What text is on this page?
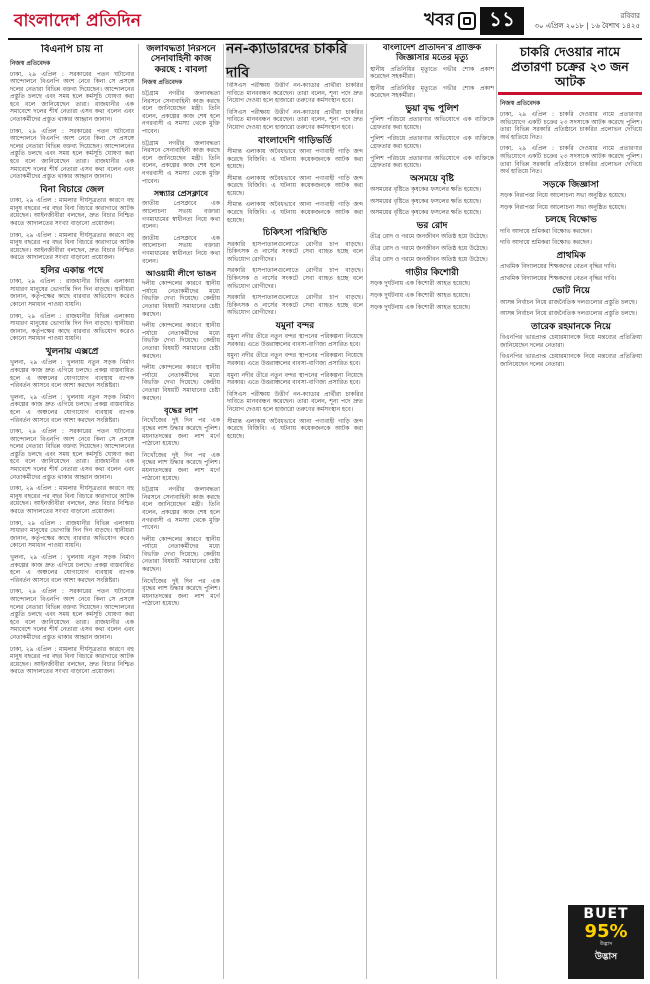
বাংলাদেশ প্রতিদিন	খবর	১১	রবিবার
৩০ এপ্রিল ২০১৮ | ১৬ বৈশাখ ১৪২৫
বিএনপি চায় না
নিজস্ব প্রতিবেদক

ঢাকা, ২৯ এপ্রিল : সরকারের পতন ঘটানোর আন্দোলনে বিএনপি অংশ নেবে কিনা সে প্রসঙ্গে দলের নেতারা বিভিন্ন বক্তব্য দিয়েছেন। আন্দোলনের প্রস্তুতি চলছে এবং সময় হলে কর্মসূচি ঘোষণা করা হবে বলে জানিয়েছেন তারা। রাজধানীর এক সমাবেশে দলের শীর্ষ নেতারা এসব কথা বলেন এবং নেতাকর্মীদের প্রস্তুত থাকার আহ্বান জানান।

ঢাকা, ২৯ এপ্রিল : সরকারের পতন ঘটানোর আন্দোলনে বিএনপি অংশ নেবে কিনা সে প্রসঙ্গে দলের নেতারা বিভিন্ন বক্তব্য দিয়েছেন। আন্দোলনের প্রস্তুতি চলছে এবং সময় হলে কর্মসূচি ঘোষণা করা হবে বলে জানিয়েছেন তারা। রাজধানীর এক সমাবেশে দলের শীর্ষ নেতারা এসব কথা বলেন এবং নেতাকর্মীদের প্রস্তুত থাকার আহ্বান জানান।

বিনা বিচারে জেল

ঢাকা, ২৯ এপ্রিল : মামলার দীর্ঘসূত্রতার কারণে বহু মানুষ বছরের পর বছর বিনা বিচারে কারাগারে আটক রয়েছেন। আইনজীবীরা বলছেন, দ্রুত বিচার নিশ্চিত করতে আদালতের সংখ্যা বাড়ানো প্রয়োজন।

ঢাকা, ২৯ এপ্রিল : মামলার দীর্ঘসূত্রতার কারণে বহু মানুষ বছরের পর বছর বিনা বিচারে কারাগারে আটক রয়েছেন। আইনজীবীরা বলছেন, দ্রুত বিচার নিশ্চিত করতে আদালতের সংখ্যা বাড়ানো প্রয়োজন।

হলির একান্ত পথে

ঢাকা, ২৯ এপ্রিল : রাজধানীর বিভিন্ন এলাকায় সাধারণ মানুষের ভোগান্তি দিন দিন বাড়ছে। স্থানীয়রা জানান, কর্তৃপক্ষের কাছে বারবার অভিযোগ করেও কোনো সমাধান পাওয়া যায়নি।

ঢাকা, ২৯ এপ্রিল : রাজধানীর বিভিন্ন এলাকায় সাধারণ মানুষের ভোগান্তি দিন দিন বাড়ছে। স্থানীয়রা জানান, কর্তৃপক্ষের কাছে বারবার অভিযোগ করেও কোনো সমাধান পাওয়া যায়নি।

খুলনায় এক্সপ্রে

খুলনা, ২৯ এপ্রিল : খুলনায় নতুন সড়ক নির্মাণ প্রকল্পের কাজ দ্রুত এগিয়ে চলছে। প্রকল্প বাস্তবায়িত হলে এ অঞ্চলের যোগাযোগ ব্যবস্থায় ব্যাপক পরিবর্তন আসবে বলে আশা করছেন সংশ্লিষ্টরা।

খুলনা, ২৯ এপ্রিল : খুলনায় নতুন সড়ক নির্মাণ প্রকল্পের কাজ দ্রুত এগিয়ে চলছে। প্রকল্প বাস্তবায়িত হলে এ অঞ্চলের যোগাযোগ ব্যবস্থায় ব্যাপক পরিবর্তন আসবে বলে আশা করছেন সংশ্লিষ্টরা।

ঢাকা, ২৯ এপ্রিল : সরকারের পতন ঘটানোর আন্দোলনে বিএনপি অংশ নেবে কিনা সে প্রসঙ্গে দলের নেতারা বিভিন্ন বক্তব্য দিয়েছেন। আন্দোলনের প্রস্তুতি চলছে এবং সময় হলে কর্মসূচি ঘোষণা করা হবে বলে জানিয়েছেন তারা। রাজধানীর এক সমাবেশে দলের শীর্ষ নেতারা এসব কথা বলেন এবং নেতাকর্মীদের প্রস্তুত থাকার আহ্বান জানান।

ঢাকা, ২৯ এপ্রিল : মামলার দীর্ঘসূত্রতার কারণে বহু মানুষ বছরের পর বছর বিনা বিচারে কারাগারে আটক রয়েছেন। আইনজীবীরা বলছেন, দ্রুত বিচার নিশ্চিত করতে আদালতের সংখ্যা বাড়ানো প্রয়োজন।

ঢাকা, ২৯ এপ্রিল : রাজধানীর বিভিন্ন এলাকায় সাধারণ মানুষের ভোগান্তি দিন দিন বাড়ছে। স্থানীয়রা জানান, কর্তৃপক্ষের কাছে বারবার অভিযোগ করেও কোনো সমাধান পাওয়া যায়নি।

খুলনা, ২৯ এপ্রিল : খুলনায় নতুন সড়ক নির্মাণ প্রকল্পের কাজ দ্রুত এগিয়ে চলছে। প্রকল্প বাস্তবায়িত হলে এ অঞ্চলের যোগাযোগ ব্যবস্থায় ব্যাপক পরিবর্তন আসবে বলে আশা করছেন সংশ্লিষ্টরা।

ঢাকা, ২৯ এপ্রিল : সরকারের পতন ঘটানোর আন্দোলনে বিএনপি অংশ নেবে কিনা সে প্রসঙ্গে দলের নেতারা বিভিন্ন বক্তব্য দিয়েছেন। আন্দোলনের প্রস্তুতি চলছে এবং সময় হলে কর্মসূচি ঘোষণা করা হবে বলে জানিয়েছেন তারা। রাজধানীর এক সমাবেশে দলের শীর্ষ নেতারা এসব কথা বলেন এবং নেতাকর্মীদের প্রস্তুত থাকার আহ্বান জানান।

ঢাকা, ২৯ এপ্রিল : মামলার দীর্ঘসূত্রতার কারণে বহু মানুষ বছরের পর বছর বিনা বিচারে কারাগারে আটক রয়েছেন। আইনজীবীরা বলছেন, দ্রুত বিচার নিশ্চিত করতে আদালতের সংখ্যা বাড়ানো প্রয়োজন।

জলাবদ্ধতা নিরসনে সেনাবাহিনী কাজ করছে : বাবলা
নিজস্ব প্রতিবেদক

চট্টগ্রাম নগরীর জলাবদ্ধতা নিরসনে সেনাবাহিনী কাজ করছে বলে জানিয়েছেন মন্ত্রী। তিনি বলেন, প্রকল্পের কাজ শেষ হলে নগরবাসী এ সমস্যা থেকে মুক্তি পাবেন।

চট্টগ্রাম নগরীর জলাবদ্ধতা নিরসনে সেনাবাহিনী কাজ করছে বলে জানিয়েছেন মন্ত্রী। তিনি বলেন, প্রকল্পের কাজ শেষ হলে নগরবাসী এ সমস্যা থেকে মুক্তি পাবেন।

সন্ধ্যার প্রেসক্লাবে

জাতীয় প্রেসক্লাবে এক আলোচনা সভায় বক্তারা গণমাধ্যমের স্বাধীনতা নিয়ে কথা বলেন।

জাতীয় প্রেসক্লাবে এক আলোচনা সভায় বক্তারা গণমাধ্যমের স্বাধীনতা নিয়ে কথা বলেন।

আওয়ামী লীগে ভাঙন

দলীয় কোন্দলের কারণে স্থানীয় পর্যায়ে নেতাকর্মীদের মধ্যে বিভক্তি দেখা দিয়েছে। কেন্দ্রীয় নেতারা বিষয়টি সমাধানের চেষ্টা করছেন।

দলীয় কোন্দলের কারণে স্থানীয় পর্যায়ে নেতাকর্মীদের মধ্যে বিভক্তি দেখা দিয়েছে। কেন্দ্রীয় নেতারা বিষয়টি সমাধানের চেষ্টা করছেন।

দলীয় কোন্দলের কারণে স্থানীয় পর্যায়ে নেতাকর্মীদের মধ্যে বিভক্তি দেখা দিয়েছে। কেন্দ্রীয় নেতারা বিষয়টি সমাধানের চেষ্টা করছেন।

বৃদ্ধের লাশ

নিখোঁজের দুই দিন পর এক বৃদ্ধের লাশ উদ্ধার করেছে পুলিশ। ময়নাতদন্তের জন্য লাশ মর্গে পাঠানো হয়েছে।

নিখোঁজের দুই দিন পর এক বৃদ্ধের লাশ উদ্ধার করেছে পুলিশ। ময়নাতদন্তের জন্য লাশ মর্গে পাঠানো হয়েছে।

চট্টগ্রাম নগরীর জলাবদ্ধতা নিরসনে সেনাবাহিনী কাজ করছে বলে জানিয়েছেন মন্ত্রী। তিনি বলেন, প্রকল্পের কাজ শেষ হলে নগরবাসী এ সমস্যা থেকে মুক্তি পাবেন।

দলীয় কোন্দলের কারণে স্থানীয় পর্যায়ে নেতাকর্মীদের মধ্যে বিভক্তি দেখা দিয়েছে। কেন্দ্রীয় নেতারা বিষয়টি সমাধানের চেষ্টা করছেন।

নিখোঁজের দুই দিন পর এক বৃদ্ধের লাশ উদ্ধার করেছে পুলিশ। ময়নাতদন্তের জন্য লাশ মর্গে পাঠানো হয়েছে।

নন-ক্যাডারদের চাকরি দাবি

বিসিএস পরীক্ষায় উত্তীর্ণ নন-ক্যাডার প্রার্থীরা চাকরির দাবিতে মানববন্ধন করেছেন। তারা বলেন, শূন্য পদে দ্রুত নিয়োগ দেওয়া হলে হাজারো তরুণের কর্মসংস্থান হবে।

বিসিএস পরীক্ষায় উত্তীর্ণ নন-ক্যাডার প্রার্থীরা চাকরির দাবিতে মানববন্ধন করেছেন। তারা বলেন, শূন্য পদে দ্রুত নিয়োগ দেওয়া হলে হাজারো তরুণের কর্মসংস্থান হবে।

বাংলাদেশি গাড়িভর্তি

সীমান্ত এলাকায় অবৈধভাবে আনা পণ্যবাহী গাড়ি জব্দ করেছে বিজিবি। এ ঘটনায় কয়েকজনকে আটক করা হয়েছে।

সীমান্ত এলাকায় অবৈধভাবে আনা পণ্যবাহী গাড়ি জব্দ করেছে বিজিবি। এ ঘটনায় কয়েকজনকে আটক করা হয়েছে।

সীমান্ত এলাকায় অবৈধভাবে আনা পণ্যবাহী গাড়ি জব্দ করেছে বিজিবি। এ ঘটনায় কয়েকজনকে আটক করা হয়েছে।

চিকিৎসা পরিস্থিতি

সরকারি হাসপাতালগুলোতে রোগীর চাপ বাড়ছে। চিকিৎসক ও নার্সের সংকটে সেবা ব্যাহত হচ্ছে বলে অভিযোগ রোগীদের।

সরকারি হাসপাতালগুলোতে রোগীর চাপ বাড়ছে। চিকিৎসক ও নার্সের সংকটে সেবা ব্যাহত হচ্ছে বলে অভিযোগ রোগীদের।

সরকারি হাসপাতালগুলোতে রোগীর চাপ বাড়ছে। চিকিৎসক ও নার্সের সংকটে সেবা ব্যাহত হচ্ছে বলে অভিযোগ রোগীদের।

যমুনা বন্দর

যমুনা নদীর তীরে নতুন বন্দর স্থাপনের পরিকল্পনা নিয়েছে সরকার। এতে উত্তরাঞ্চলের ব্যবসা-বাণিজ্য প্রসারিত হবে।

যমুনা নদীর তীরে নতুন বন্দর স্থাপনের পরিকল্পনা নিয়েছে সরকার। এতে উত্তরাঞ্চলের ব্যবসা-বাণিজ্য প্রসারিত হবে।

যমুনা নদীর তীরে নতুন বন্দর স্থাপনের পরিকল্পনা নিয়েছে সরকার। এতে উত্তরাঞ্চলের ব্যবসা-বাণিজ্য প্রসারিত হবে।

বিসিএস পরীক্ষায় উত্তীর্ণ নন-ক্যাডার প্রার্থীরা চাকরির দাবিতে মানববন্ধন করেছেন। তারা বলেন, শূন্য পদে দ্রুত নিয়োগ দেওয়া হলে হাজারো তরুণের কর্মসংস্থান হবে।

সীমান্ত এলাকায় অবৈধভাবে আনা পণ্যবাহী গাড়ি জব্দ করেছে বিজিবি। এ ঘটনায় কয়েকজনকে আটক করা হয়েছে।

বাংলাদেশ প্রতিদিন'র প্রাক্তিক জিজ্ঞাসার মতের মৃত্যু

স্থানীয় প্রতিনিধির মৃত্যুতে গভীর শোক প্রকাশ করেছেন সহকর্মীরা।

স্থানীয় প্রতিনিধির মৃত্যুতে গভীর শোক প্রকাশ করেছেন সহকর্মীরা।

ভুয়া বৃদ্ধ পুলিশ

পুলিশ পরিচয়ে প্রতারণার অভিযোগে এক ব্যক্তিকে গ্রেফতার করা হয়েছে।

পুলিশ পরিচয়ে প্রতারণার অভিযোগে এক ব্যক্তিকে গ্রেফতার করা হয়েছে।

পুলিশ পরিচয়ে প্রতারণার অভিযোগে এক ব্যক্তিকে গ্রেফতার করা হয়েছে।

অসময়ে বৃষ্টি

অসময়ের বৃষ্টিতে কৃষকের ফসলের ক্ষতি হয়েছে।

অসময়ের বৃষ্টিতে কৃষকের ফসলের ক্ষতি হয়েছে।

অসময়ের বৃষ্টিতে কৃষকের ফসলের ক্ষতি হয়েছে।

ভর রোদ

তীব্র রোদ ও গরমে জনজীবন অতিষ্ঠ হয়ে উঠেছে।

তীব্র রোদ ও গরমে জনজীবন অতিষ্ঠ হয়ে উঠেছে।

তীব্র রোদ ও গরমে জনজীবন অতিষ্ঠ হয়ে উঠেছে।

গাড়ীর কিশোরী

সড়ক দুর্ঘটনায় এক কিশোরী আহত হয়েছে।

সড়ক দুর্ঘটনায় এক কিশোরী আহত হয়েছে।

সড়ক দুর্ঘটনায় এক কিশোরী আহত হয়েছে।

চাকরি দেওয়ার নামে প্রতারণা চক্রের ২৩ জন আটক
নিজস্ব প্রতিবেদক

ঢাকা, ২৯ এপ্রিল : চাকরি দেওয়ার নামে প্রতারণার অভিযোগে একটি চক্রের ২৩ সদস্যকে আটক করেছে পুলিশ। তারা বিভিন্ন সরকারি প্রতিষ্ঠানে চাকরির প্রলোভন দেখিয়ে অর্থ হাতিয়ে নিত।

ঢাকা, ২৯ এপ্রিল : চাকরি দেওয়ার নামে প্রতারণার অভিযোগে একটি চক্রের ২৩ সদস্যকে আটক করেছে পুলিশ। তারা বিভিন্ন সরকারি প্রতিষ্ঠানে চাকরির প্রলোভন দেখিয়ে অর্থ হাতিয়ে নিত।

সড়কে জিজ্ঞাসা

সড়ক নিরাপত্তা নিয়ে আলোচনা সভা অনুষ্ঠিত হয়েছে।

সড়ক নিরাপত্তা নিয়ে আলোচনা সভা অনুষ্ঠিত হয়েছে।

চলছে বিক্ষোভ

দাবি আদায়ে শ্রমিকরা বিক্ষোভ করছেন।

দাবি আদায়ে শ্রমিকরা বিক্ষোভ করছেন।

প্রাথমিক

প্রাথমিক বিদ্যালয়ের শিক্ষকদের বেতন বৃদ্ধির দাবি।

প্রাথমিক বিদ্যালয়ের শিক্ষকদের বেতন বৃদ্ধির দাবি।

ভোট নিয়ে

আসন্ন নির্বাচন নিয়ে রাজনৈতিক দলগুলোর প্রস্তুতি চলছে।

আসন্ন নির্বাচন নিয়ে রাজনৈতিক দলগুলোর প্রস্তুতি চলছে।

তারেক রহমানকে নিয়ে

বিএনপির ভারপ্রাপ্ত চেয়ারম্যানকে নিয়ে মন্তব্যের প্রতিক্রিয়া জানিয়েছেন দলের নেতারা।

বিএনপির ভারপ্রাপ্ত চেয়ারম্যানকে নিয়ে মন্তব্যের প্রতিক্রিয়া জানিয়েছেন দলের নেতারা।

BUET
95%
উদ্ভাস
উদ্ভাস
